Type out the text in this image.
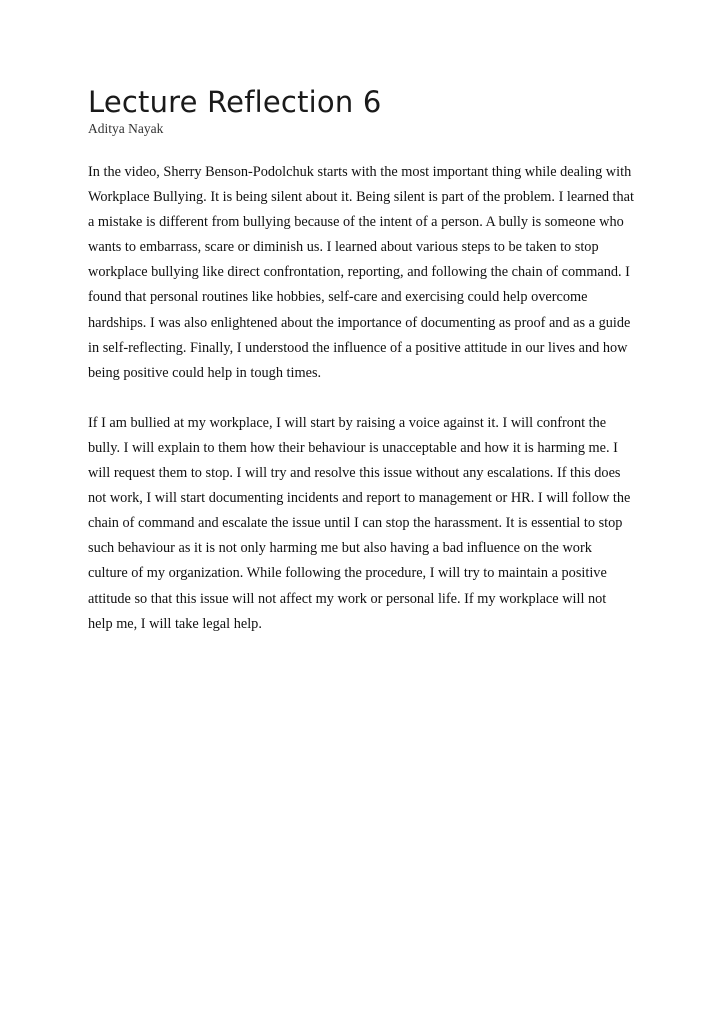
Lecture Reflection 6

Aditya Nayak

In the video, Sherry Benson-Podolchuk starts with the most important thing while dealing with Workplace Bullying. It is being silent about it. Being silent is part of the problem. I learned that a mistake is different from bullying because of the intent of a person. A bully is someone who wants to embarrass, scare or diminish us. I learned about various steps to be taken to stop workplace bullying like direct confrontation, reporting, and following the chain of command. I found that personal routines like hobbies, self-care and exercising could help overcome hardships. I was also enlightened about the importance of documenting as proof and as a guide in self-reflecting. Finally, I understood the influence of a positive attitude in our lives and how being positive could help in tough times.

If I am bullied at my workplace, I will start by raising a voice against it. I will confront the bully. I will explain to them how their behaviour is unacceptable and how it is harming me. I will request them to stop. I will try and resolve this issue without any escalations. If this does not work, I will start documenting incidents and report to management or HR. I will follow the chain of command and escalate the issue until I can stop the harassment. It is essential to stop such behaviour as it is not only harming me but also having a bad influence on the work culture of my organization. While following the procedure, I will try to maintain a positive attitude so that this issue will not affect my work or personal life. If my workplace will not help me, I will take legal help.
